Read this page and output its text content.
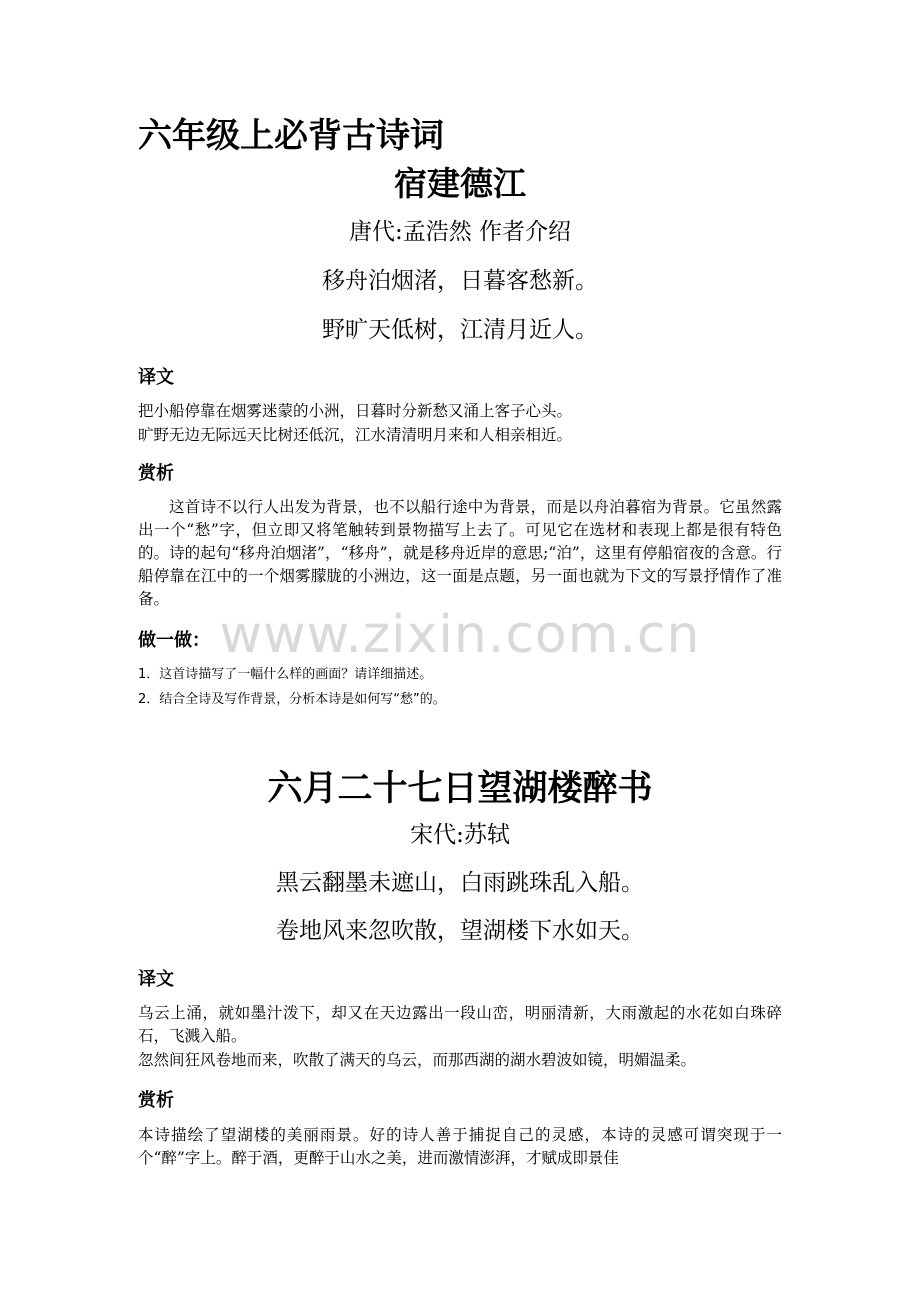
www.zixin.com.cn
六年级上必背古诗词
宿建德江
唐代:孟浩然 作者介绍
移舟泊烟渚，日暮客愁新。
野旷天低树，江清月近人。
译文

把小船停靠在烟雾迷蒙的小洲，日暮时分新愁又涌上客子心头。

旷野无边无际远天比树还低沉，江水清清明月来和人相亲相近。

赏析

这首诗不以行人出发为背景，也不以船行途中为背景，而是以舟泊暮宿为背景。它虽然露出一个“愁”字，但立即又将笔触转到景物描写上去了。可见它在选材和表现上都是很有特色的。诗的起句“移舟泊烟渚”，“移舟”，就是移舟近岸的意思;“泊”，这里有停船宿夜的含意。行船停靠在江中的一个烟雾朦胧的小洲边，这一面是点题，另一面也就为下文的写景抒情作了准备。

做一做：
1．这首诗描写了一幅什么样的画面？请详细描述。
2．结合全诗及写作背景，分析本诗是如何写“愁”的。
六月二十七日望湖楼醉书
宋代:苏轼
黑云翻墨未遮山，白雨跳珠乱入船。
卷地风来忽吹散，望湖楼下水如天。
译文

乌云上涌，就如墨汁泼下，却又在天边露出一段山峦，明丽清新，大雨激起的水花如白珠碎石，飞溅入船。

忽然间狂风卷地而来，吹散了满天的乌云，而那西湖的湖水碧波如镜，明媚温柔。

赏析

本诗描绘了望湖楼的美丽雨景。好的诗人善于捕捉自己的灵感，本诗的灵感可谓突现于一个“醉”字上。醉于酒，更醉于山水之美，进而激情澎湃，才赋成即景佳
